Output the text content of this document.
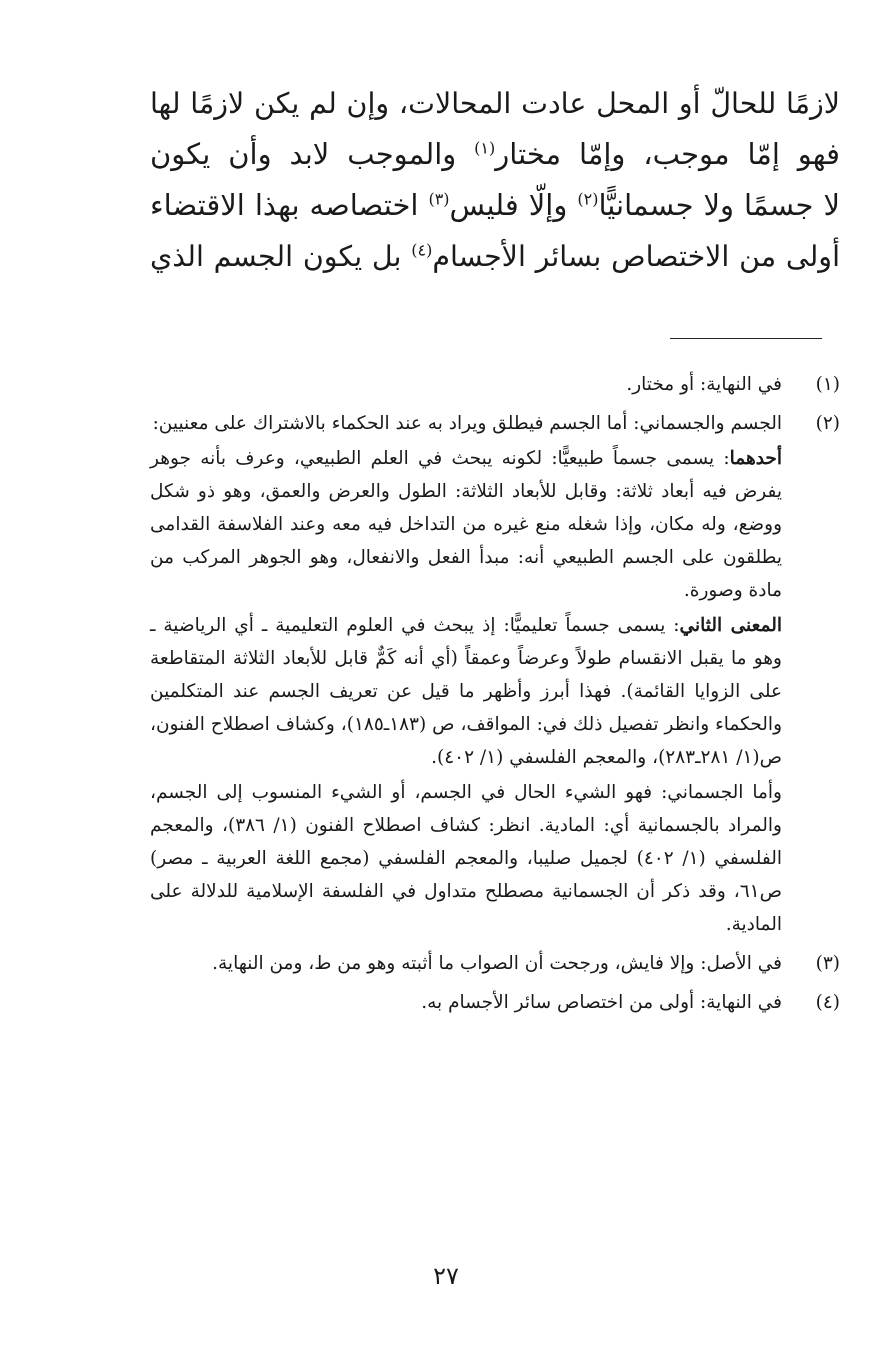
لازمًا للحالّ أو المحل عادت المحالات، وإن لم يكن لازمًا لها
فهو إمّا موجب، وإمّا مختار$^{(١)}$ والموجب لابد وأن يكون
لا جسمًا ولا جسمانيًّا$^{(٢)}$ وإلّا فليس$^{(٣)}$ اختصاصه بهذا الاقتضاء
أولى من الاختصاص بسائر الأجسام$^{(٤)}$ بل يكون الجسم الذي
(١)
في النهاية: أو مختار.
(٢)
الجسم والجسماني: أما الجسم فيطلق ويراد به عند الحكماء بالاشتراك على معنيين:
أحدهما: يسمى جسماً طبيعيًّا: لكونه يبحث في العلم الطبيعي، وعرف بأنه جوهر يفرض فيه أبعاد ثلاثة: وقابل للأبعاد الثلاثة: الطول والعرض والعمق، وهو ذو شكل ووضع، وله مكان، وإذا شغله منع غيره من التداخل فيه معه وعند الفلاسفة القدامى يطلقون على الجسم الطبيعي أنه: مبدأ الفعل والانفعال، وهو الجوهر المركب من مادة وصورة.
المعنى الثاني: يسمى جسماً تعليميًّا: إذ يبحث في العلوم التعليمية ـ أي الرياضية ـ وهو ما يقبل الانقسام طولاً وعرضاً وعمقاً (أي أنه كَمٌّ قابل للأبعاد الثلاثة المتقاطعة على الزوايا القائمة). فهذا أبرز وأظهر ما قيل عن تعريف الجسم عند المتكلمين والحكماء وانظر تفصيل ذلك في: المواقف، ص (١٨٣ـ١٨٥)، وكشاف اصطلاح الفنون، ص(١/ ٢٨١ـ٢٨٣)، والمعجم الفلسفي (١/ ٤٠٢).
وأما الجسماني: فهو الشيء الحال في الجسم، أو الشيء المنسوب إلى الجسم، والمراد بالجسمانية أي: المادية. انظر: كشاف اصطلاح الفنون (١/ ٣٨٦)، والمعجم الفلسفي (١/ ٤٠٢) لجميل صليبا، والمعجم الفلسفي (مجمع اللغة العربية ـ مصر) ص٦١، وقد ذكر أن الجسمانية مصطلح متداول في الفلسفة الإسلامية للدلالة على المادية.
(٣)
في الأصل: وإلا فايش، ورجحت أن الصواب ما أثبته وهو من ط، ومن النهاية.
(٤)
في النهاية: أولى من اختصاص سائر الأجسام به.
٢٧
